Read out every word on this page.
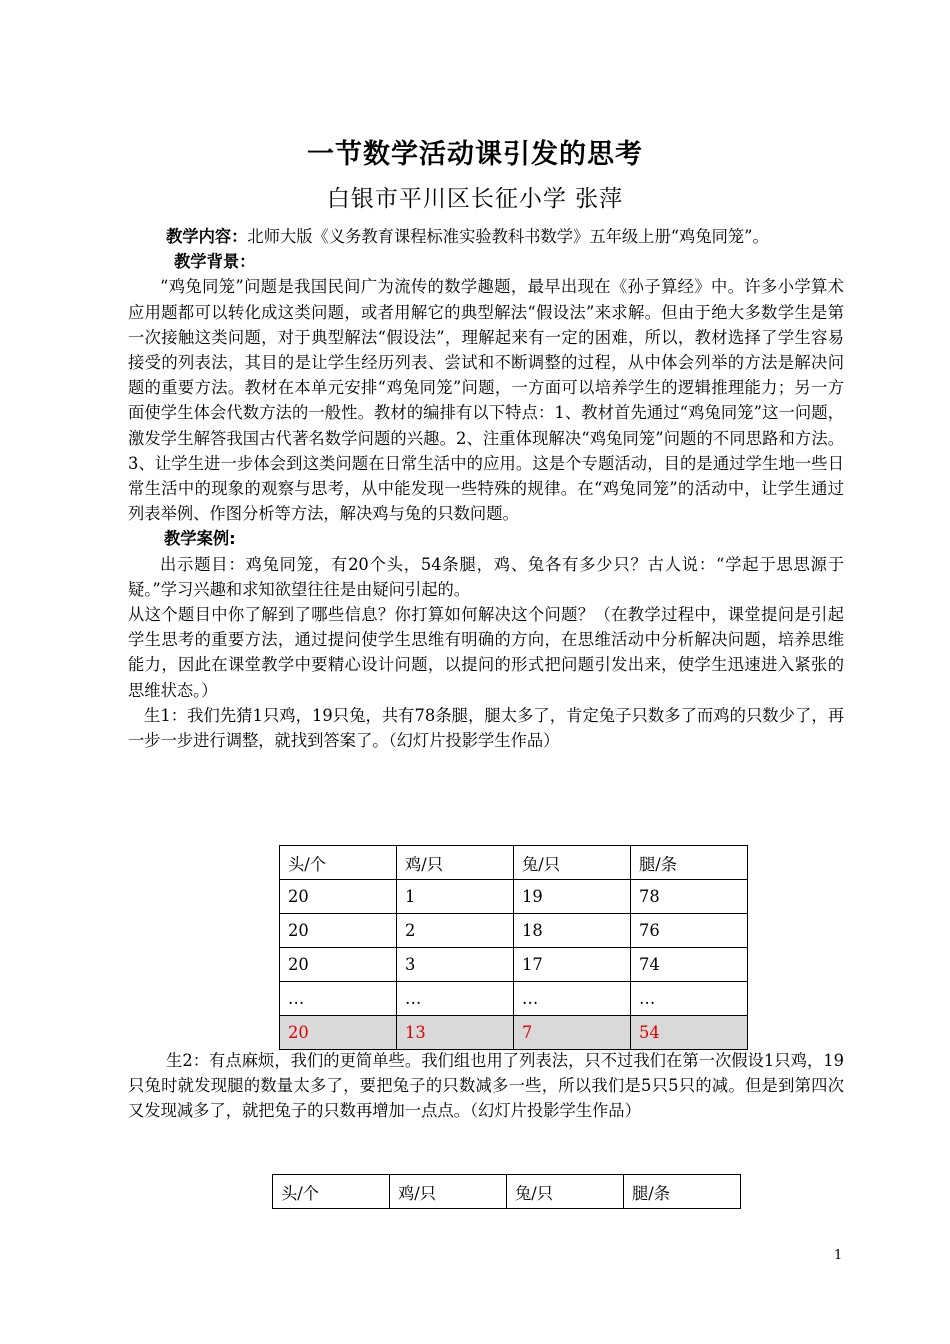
一节数学活动课引发的思考
白银市平川区长征小学 张萍

教学内容：北师大版《义务教育课程标准实验教科书数学》五年级上册“鸡兔同笼”。

教学背景：

“鸡兔同笼”问题是我国民间广为流传的数学趣题，最早出现在《孙子算经》中。许多小学算术应用题都可以转化成这类问题，或者用解它的典型解法“假设法”来求解。但由于绝大多数学生是第一次接触这类问题，对于典型解法“假设法”，理解起来有一定的困难，所以，教材选择了学生容易接受的列表法，其目的是让学生经历列表、尝试和不断调整的过程，从中体会列举的方法是解决问题的重要方法。教材在本单元安排“鸡兔同笼”问题，一方面可以培养学生的逻辑推理能力；另一方面使学生体会代数方法的一般性。教材的编排有以下特点：1、教材首先通过“鸡兔同笼”这一问题，激发学生解答我国古代著名数学问题的兴趣。2、注重体现解决“鸡兔同笼”问题的不同思路和方法。3、让学生进一步体会到这类问题在日常生活中的应用。这是个专题活动，目的是通过学生地一些日常生活中的现象的观察与思考，从中能发现一些特殊的规律。在“鸡兔同笼”的活动中，让学生通过列表举例、作图分析等方法，解决鸡与兔的只数问题。

教学案例:

出示题目：鸡兔同笼，有20个头，54条腿，鸡、兔各有多少只？古人说：“学起于思思源于疑。”学习兴趣和求知欲望往往是由疑问引起的。

从这个题目中你了解到了哪些信息？你打算如何解决这个问题？（在教学过程中，课堂提问是引起学生思考的重要方法，通过提问使学生思维有明确的方向，在思维活动中分析解决问题，培养思维能力，因此在课堂教学中要精心设计问题，以提问的形式把问题引发出来，使学生迅速进入紧张的思维状态。）

生1：我们先猜1只鸡，19只兔，共有78条腿，腿太多了，肯定兔子只数多了而鸡的只数少了，再一步一步进行调整，就找到答案了。（幻灯片投影学生作品）

头/个	鸡/只	兔/只	腿/条
20	1	19	78
20	2	18	76
20	3	17	74
…	…	…	…
20	13	7	54

生2：有点麻烦，我们的更简单些。我们组也用了列表法，只不过我们在第一次假设1只鸡，19只兔时就发现腿的数量太多了，要把兔子的只数减多一些，所以我们是5只5只的减。但是到第四次又发现减多了，就把兔子的只数再增加一点点。（幻灯片投影学生作品）

头/个	鸡/只	兔/只	腿/条
1
